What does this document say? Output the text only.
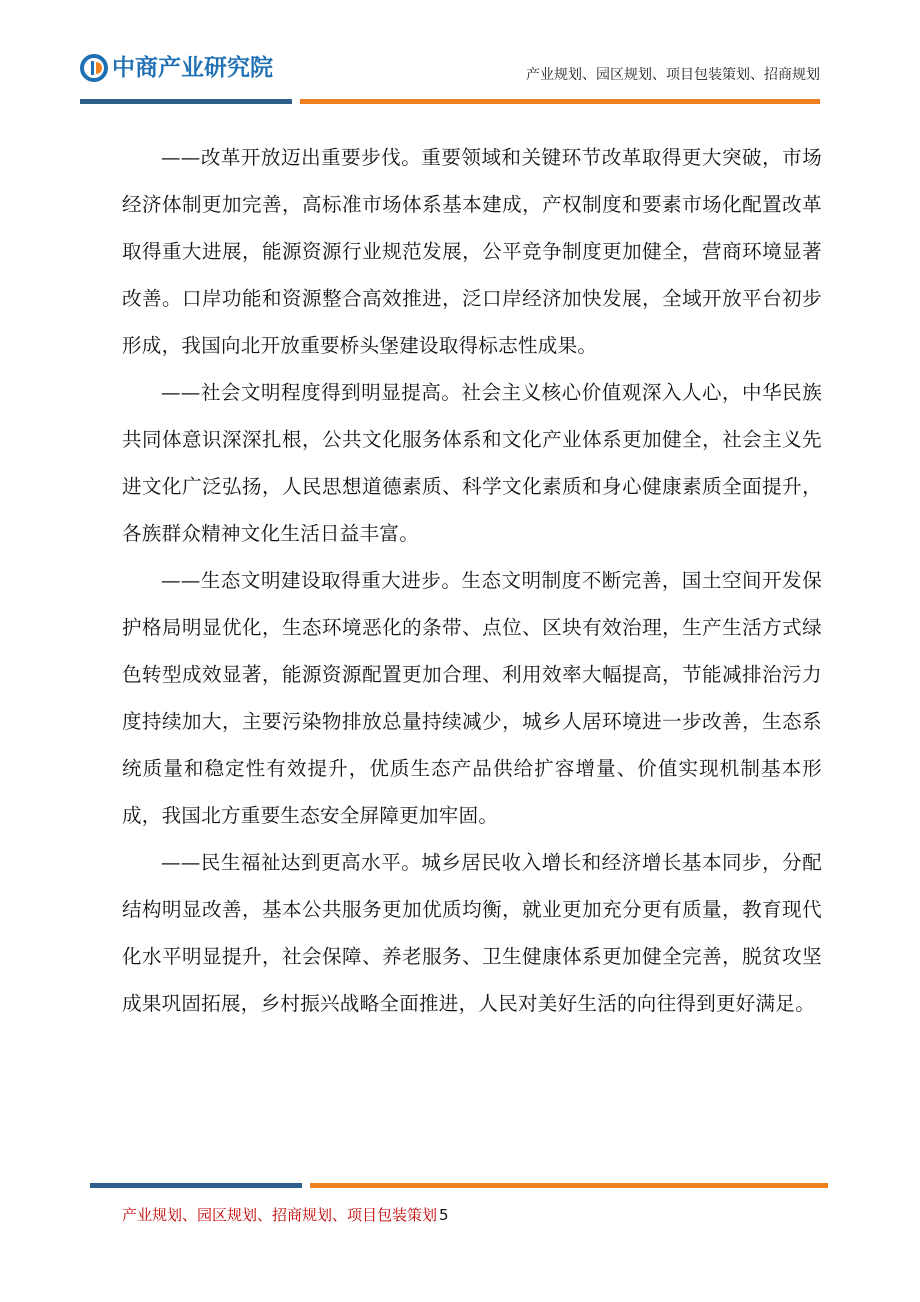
中商产业研究院	产业规划、园区规划、项目包装策划、招商规划

——改革开放迈出重要步伐。重要领域和关键环节改革取得更大突破，市场经济体制更加完善，高标准市场体系基本建成，产权制度和要素市场化配置改革取得重大进展，能源资源行业规范发展，公平竞争制度更加健全，营商环境显著改善。口岸功能和资源整合高效推进，泛口岸经济加快发展，全域开放平台初步形成，我国向北开放重要桥头堡建设取得标志性成果。

——社会文明程度得到明显提高。社会主义核心价值观深入人心，中华民族共同体意识深深扎根，公共文化服务体系和文化产业体系更加健全，社会主义先进文化广泛弘扬，人民思想道德素质、科学文化素质和身心健康素质全面提升，各族群众精神文化生活日益丰富。

——生态文明建设取得重大进步。生态文明制度不断完善，国土空间开发保护格局明显优化，生态环境恶化的条带、点位、区块有效治理，生产生活方式绿色转型成效显著，能源资源配置更加合理、利用效率大幅提高，节能减排治污力度持续加大，主要污染物排放总量持续减少，城乡人居环境进一步改善，生态系统质量和稳定性有效提升，优质生态产品供给扩容增量、价值实现机制基本形成，我国北方重要生态安全屏障更加牢固。

——民生福祉达到更高水平。城乡居民收入增长和经济增长基本同步，分配结构明显改善，基本公共服务更加优质均衡，就业更加充分更有质量，教育现代化水平明显提升，社会保障、养老服务、卫生健康体系更加健全完善，脱贫攻坚成果巩固拓展，乡村振兴战略全面推进，人民对美好生活的向往得到更好满足。

产业规划、园区规划、招商规划、项目包装策划 5
